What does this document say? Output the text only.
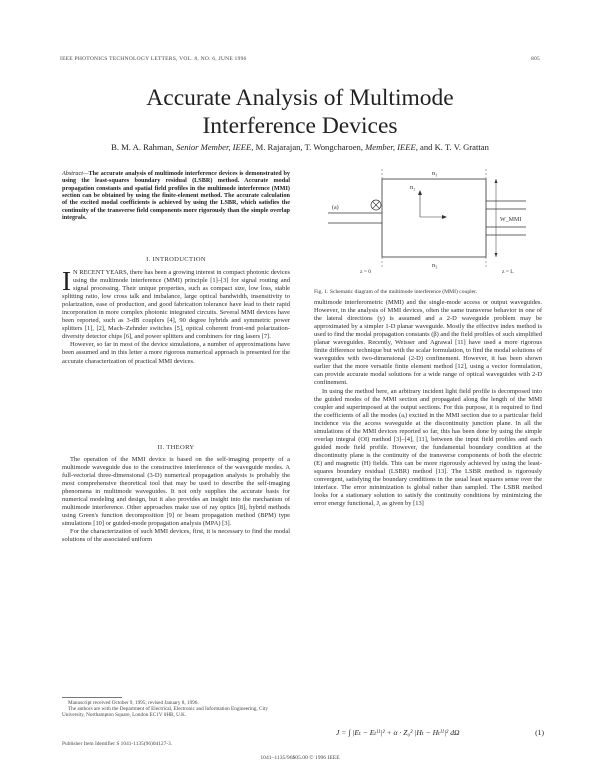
IEEE PHOTONICS TECHNOLOGY LETTERS, VOL. 8, NO. 6, JUNE 1996	805
Accurate Analysis of Multimode
Interference Devices
B. M. A. Rahman, Senior Member, IEEE, M. Rajarajan, T. Wongcharoen, Member, IEEE, and K. T. V. Grattan
Abstract—The accurate analysis of multimode interference devices is demonstrated by using the least-squares boundary residual (LSBR) method. Accurate modal propagation constants and spatial field profiles in the multimode interference (MMI) section can be obtained by using the finite-element method. The accurate calculation of the excited modal coefficients is achieved by using the LSBR, which satisfies the continuity of the transverse field components more rigorously than the simple overlap integrals.
I. INTRODUCTION

I N RECENT YEARS, there has been a growing interest in compact photonic devices using the multimode interference (MMI) principle [1]–[3] for signal routing and signal processing. Their unique properties, such as compact size, low loss, stable splitting ratio, low cross talk and imbalance, large optical bandwidth, insensitivity to polarization, ease of production, and good fabrication tolerance have lead to their rapid incorporation in more complex photonic integrated circuits. Several MMI devices have been reported, such as 3-dB couplers [4], 90 degree hybrids and symmetric power splitters [1], [2], Mach–Zehnder switches [5], optical coherent front-end polarization-diversity detector chips [6], and power splitters and combiners for ring lasers [7].

However, so far in most of the device simulations, a number of approximations have been assumed and in this letter a more rigorous numerical approach is presented for the accurate characterization of practical MMI devices.

II. THEORY

The operation of the MMI device is based on the self-imaging property of a multimode waveguide due to the constructive interference of the waveguide modes. A full-vectorial three-dimensional (3-D) numerical propagation analysis is probably the most comprehensive theoretical tool that may be used to describe the self-imaging phenomena in multimode waveguides. It not only supplies the accurate basis for numerical modeling and design, but it also provides an insight into the mechanism of multimode interference. Other approaches make use of ray optics [8], hybrid methods using Green's function decomposition [9] or beam propagation method (BPM) type simulations [10] or guided-mode propagation analysis (MPA) [3].

For the characterization of such MMI devices, first, it is necessary to find the modal solutions of the associated uniform

Manuscript received October 9, 1995; revised January 8, 1996.
The authors are with the Department of Electrical, Electronic and Information Engineering, City University, Northampton Square, London EC1V 0HB, U.K.
Publisher Item Identifier S 1041-1135(96)04127-3.
n₁
n₂
n₃
(a)
W_MMI
z = 0	z = L
Fig. 1. Schematic diagram of the multimode interference (MMI) coupler.

multimode interferometric (MMI) and the single-mode access or output waveguides. However, in the analysis of MMI devices, often the same transverse behavior in one of the lateral directions (y) is assumed and a 2-D waveguide problem may be approximated by a simpler 1-D planar waveguide. Mostly the effective index method is used to find the modal propagation constants (β) and the field profiles of such simplified planar waveguides. Recently, Weisser and Agrawal [11] have used a more rigorous finite difference technique but with the scalar formulation, to find the modal solutions of waveguides with two-dimensional (2-D) confinement. However, it has been shown earlier that the more versatile finite element method [12], using a vector formulation, can provide accurate modal solutions for a wide range of optical waveguides with 2-D confinement.

In using the method here, an arbitrary incident light field profile is decomposed into the guided modes of the MMI section and propagated along the length of the MMI coupler and superimposed at the output sections. For this purpose, it is required to find the coefficients of all the modes (aᵢ) excited in the MMI section due to a particular field incidence via the access waveguide at the discontinuity junction plane. In all the simulations of the MMI devices reported so far, this has been done by using the simple overlap integral (OI) method [3]–[4], [11], between the input field profiles and each guided mode field profile. However, the fundamental boundary condition at the discontinuity plane is the continuity of the transverse components of both the electric (E) and magnetic (H) fields. This can be more rigorously achieved by using the least-squares boundary residual (LSBR) method [13]. The LSBR method is rigorously convergent, satisfying the boundary conditions in the usual least squares sense over the interface. The error minimization is global rather than sampled. The LSBR method looks for a stationary solution to satisfy the continuity conditions by minimizing the error energy functional, J, as given by [13]

J = ∫ |Eₜ − Eₜᴵᴵ|² + α · Z₀² |Hₜ − Hₜᴵᴵ|² dΩ	(1)
1041–1135/96$05.00 © 1996 IEEE
